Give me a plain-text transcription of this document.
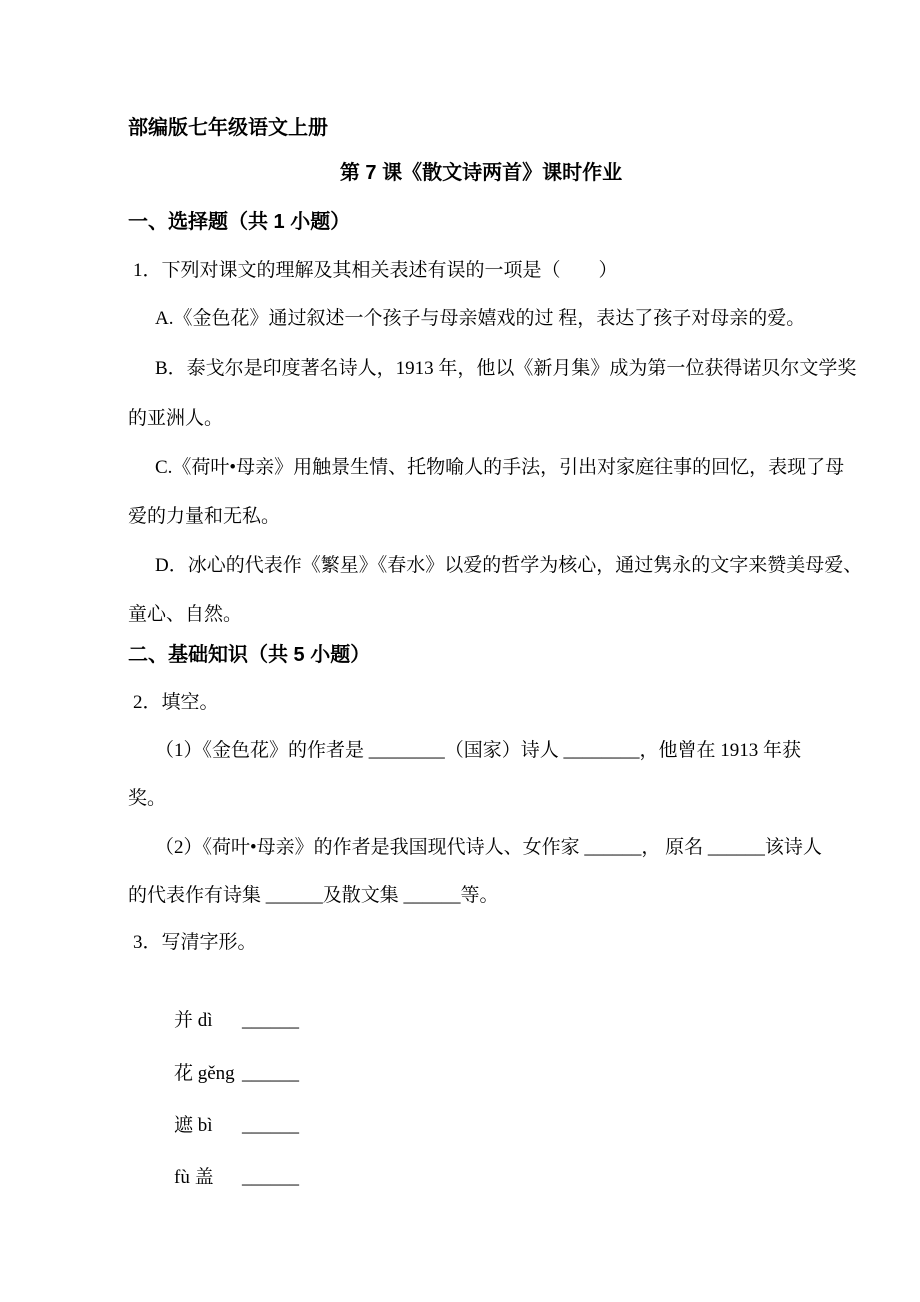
部编版七年级语文上册
第 7 课《散文诗两首》课时作业
一、选择题（共 1 小题）
1．下列对课文的理解及其相关表述有误的一项是（　　）
A.《金色花》通过叙述一个孩子与母亲嬉戏的过 程，表达了孩子对母亲的爱。
B．泰戈尔是印度著名诗人，1913 年，他以《新月集》成为第一位获得诺贝尔文学奖
的亚洲人。
C.《荷叶•母亲》用触景生情、托物喻人的手法，引出对家庭往事的回忆，表现了母
爱的力量和无私。
D．冰心的代表作《繁星》《春水》以爱的哲学为核心，通过隽永的文字来赞美母爱、
童心、自然。
二、基础知识（共 5 小题）
2．填空。
（1）《金色花》的作者是 ________（国家）诗人 ________，他曾在 1913 年获
奖。
（2）《荷叶•母亲》的作者是我国现代诗人、女作家 ______， 原名 ______该诗人
的代表作有诗集 ______及散文集 ______等。
3．写清字形。

并 dì ______

花 gěng ______

遮 bì ______

fù 盖 ______
